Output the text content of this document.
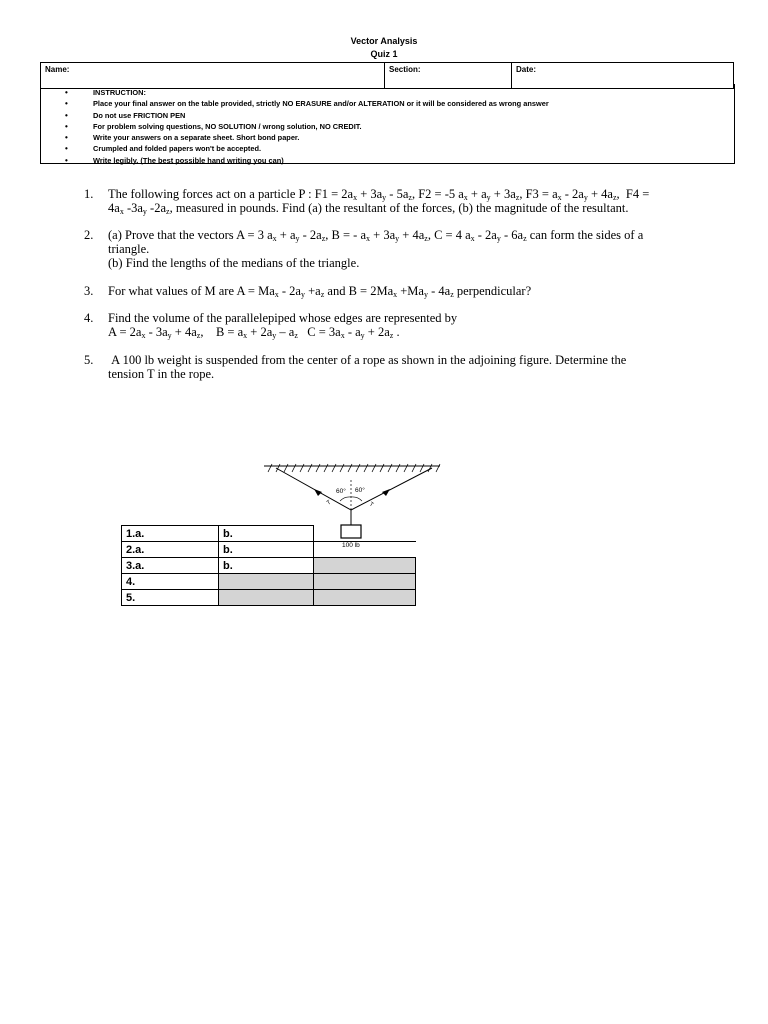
Vector Analysis
Quiz 1
Name:	Section:	Date:
•	INSTRUCTION:
•	Place your final answer on the table provided, strictly NO ERASURE and/or ALTERATION or it will be considered as wrong answer
•	Do not use FRICTION PEN
•	For problem solving questions, NO SOLUTION / wrong solution, NO CREDIT.
•	Write your answers on a separate sheet. Short bond paper.
•	Crumpled and folded papers won't be accepted.
•	Write legibly. (The best possible hand writing you can)
1.	The following forces act on a particle P : $F1 = 2a_x + 3a_y - 5a_z$, F2 = -5 $a_x + a_y + 3a_z$, $F3 = a_x - 2a_y + 4a_z$,  F4 =
$4a_x$ $-3a_y$ $-2a_z$, measured in pounds. Find (a) the resultant of the forces, (b) the magnitude of the resultant.
2.	(a) Prove that the vectors A = 3 $a_x + a_y - 2a_z$, B = - $a_x + 3a_y + 4a_z$, C = 4 $a_x - 2a_y - 6a_z$ can form the sides of a
triangle.
(b) Find the lengths of the medians of the triangle.
3.	For what values of M are $A = Ma_x - 2a_y +a_z$ and $B = 2Ma_x +Ma_y - 4a_z$ perpendicular?
4.	Find the volume of the parallelepiped whose edges are represented by
$A = 2a_x - 3a_y + 4a_z$,    $B = a_x + 2a_y - a_z$   $C = 3a_x - a_y + 2a_z$ .
5.	A 100 lb weight is suspended from the center of a rope as shown in the adjoining figure. Determine the
tension T in the rope.
60° 60°
T	T
100 lb
1.a.	b.	
2.a.	b.	
3.a.	b.	
4.		
5.		
